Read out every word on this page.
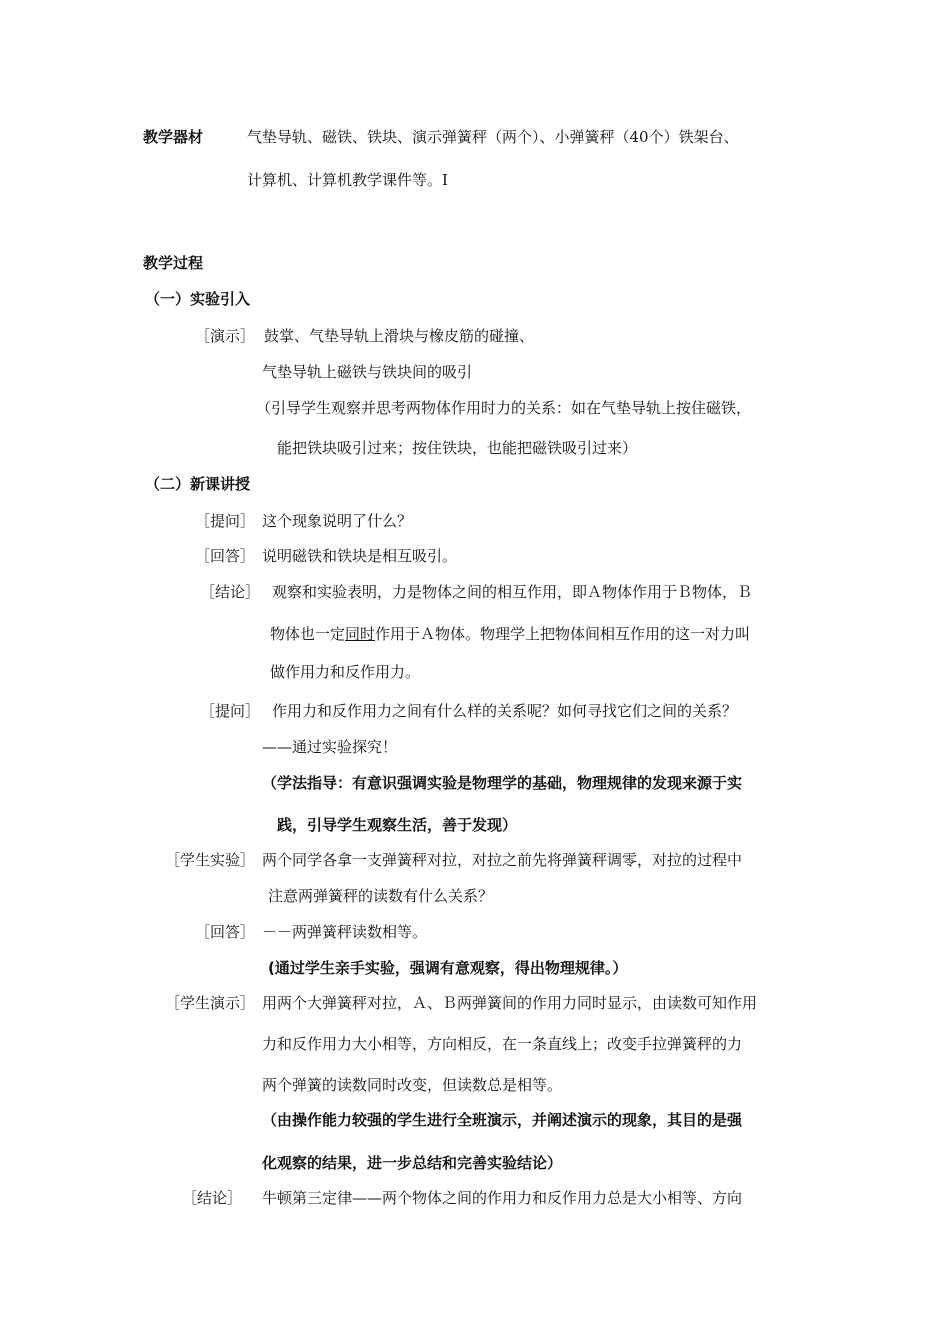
教学器材	气垫导轨、磁铁、铁块、演示弹簧秤（两个）、小弹簧秤（40个）铁架台、
计算机、计算机教学课件等。I
教学过程
（一）实验引入
［演示］ 鼓掌、气垫导轨上滑块与橡皮筋的碰撞、
气垫导轨上磁铁与铁块间的吸引
（引导学生观察并思考两物体作用时力的关系：如在气垫导轨上按住磁铁，
能把铁块吸引过来；按住铁块，也能把磁铁吸引过来）
（二）新课讲授
［提问］ 这个现象说明了什么？
［回答］ 说明磁铁和铁块是相互吸引。
［结论］ 观察和实验表明，力是物体之间的相互作用，即Ａ物体作用于Ｂ物体，Ｂ
物体也一定同时作用于Ａ物体。物理学上把物体间相互作用的这一对力叫
做作用力和反作用力。
［提问］ 作用力和反作用力之间有什么样的关系呢？如何寻找它们之间的关系？
——通过实验探究！
（学法指导：有意识强调实验是物理学的基础，物理规律的发现来源于实
践，引导学生观察生活，善于发现）
［学生实验］ 两个同学各拿一支弹簧秤对拉，对拉之前先将弹簧秤调零，对拉的过程中
注意两弹簧秤的读数有什么关系？
［回答］ －－两弹簧秤读数相等。
(通过学生亲手实验，强调有意观察，得出物理规律。）
［学生演示］ 用两个大弹簧秤对拉，Ａ、Ｂ两弹簧间的作用力同时显示，由读数可知作用
力和反作用力大小相等，方向相反，在一条直线上；改变手拉弹簧秤的力
两个弹簧的读数同时改变，但读数总是相等。
（由操作能力较强的学生进行全班演示，并阐述演示的现象，其目的是强
化观察的结果，进一步总结和完善实验结论）
［结论］ 牛顿第三定律——两个物体之间的作用力和反作用力总是大小相等、方向
